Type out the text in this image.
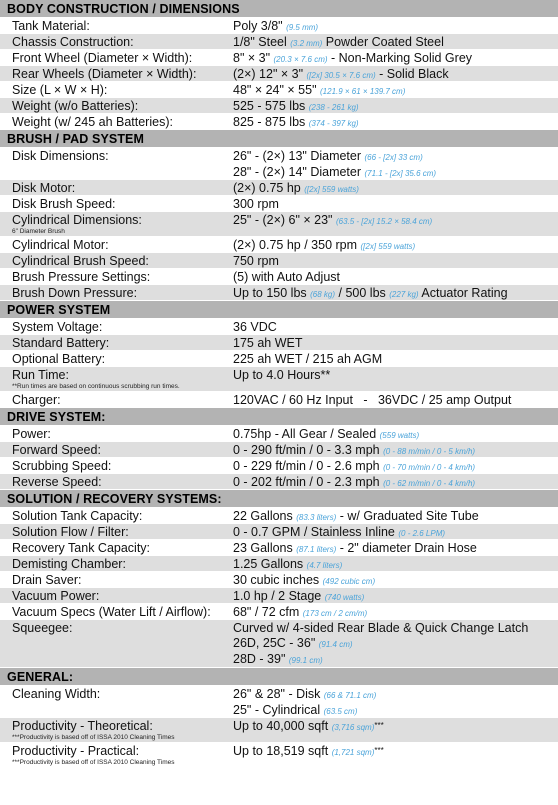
BODY CONSTRUCTION / DIMENSIONS
Tank Material:	Poly 3/8" (9.5 mm)
Chassis Construction:	1/8" Steel (3.2 mm) Powder Coated Steel
Front Wheel (Diameter × Width):	8" × 3" (20.3 × 7.6 cm) - Non-Marking Solid Grey
Rear Wheels (Diameter × Width):	(2×) 12" × 3" ([2x] 30.5 × 7.6 cm) - Solid Black
Size (L × W × H):	48" × 24" × 55" (121.9 × 61 × 139.7 cm)
Weight (w/o Batteries):	525 - 575 lbs (238 - 261 kg)
Weight (w/ 245 ah Batteries):	825 - 875 lbs (374 - 397 kg)
BRUSH / PAD SYSTEM
Disk Dimensions:	26" - (2×) 13" Diameter (66 - [2x] 33 cm)
28" - (2×) 14" Diameter (71.1 - [2x] 35.6 cm)
Disk Motor:	(2×) 0.75 hp ([2x] 559 watts)
Disk Brush Speed:	300 rpm
Cylindrical Dimensions:
6" Diameter Brush
25" - (2×) 6" × 23" (63.5 - [2x] 15.2 × 58.4 cm)
Cylindrical Motor:	(2×) 0.75 hp / 350 rpm ([2x] 559 watts)
Cylindrical Brush Speed:	750 rpm
Brush Pressure Settings:	(5) with Auto Adjust
Brush Down Pressure:	Up to 150 lbs (68 kg) / 500 lbs (227 kg) Actuator Rating
POWER SYSTEM
System Voltage:	36 VDC
Standard Battery:	175 ah WET
Optional Battery:	225 ah WET / 215 ah AGM
Run Time:
**Run times are based on continuous scrubbing run times.
Up to 4.0 Hours**
Charger:	120VAC / 60 Hz Input   -   36VDC / 25 amp Output
DRIVE SYSTEM:
Power:	0.75hp - All Gear / Sealed (559 watts)
Forward Speed:	0 - 290 ft/min / 0 - 3.3 mph (0 - 88 m/min / 0 - 5 km/h)
Scrubbing Speed:	0 - 229 ft/min / 0 - 2.6 mph (0 - 70 m/min / 0 - 4 km/h)
Reverse Speed:	0 - 202 ft/min / 0 - 2.3 mph (0 - 62 m/min / 0 - 4 km/h)
SOLUTION / RECOVERY SYSTEMS:
Solution Tank Capacity:	22 Gallons (83.3 liters) - w/ Graduated Site Tube
Solution Flow / Filter:	0 - 0.7 GPM / Stainless Inline (0 - 2.6 LPM)
Recovery Tank Capacity:	23 Gallons (87.1 liters) - 2" diameter Drain Hose
Demisting Chamber:	1.25 Gallons (4.7 liters)
Drain Saver:	30 cubic inches (492 cubic cm)
Vacuum Power:	1.0 hp / 2 Stage (740 watts)
Vacuum Specs (Water Lift / Airflow):	68" / 72 cfm (173 cm / 2 cm/m)
Squeegee:	Curved w/ 4-sided Rear Blade & Quick Change Latch
26D, 25C - 36" (91.4 cm)
28D - 39" (99.1 cm)
GENERAL:
Cleaning Width:	26" & 28" - Disk (66 & 71.1 cm)
25" - Cylindrical (63.5 cm)
Productivity - Theoretical:
***Productivity is based off of ISSA 2010 Cleaning Times
Up to 40,000 sqft (3,716 sqm)***
Productivity - Practical:
***Productivity is based off of ISSA 2010 Cleaning Times
Up to 18,519 sqft (1,721 sqm)***
